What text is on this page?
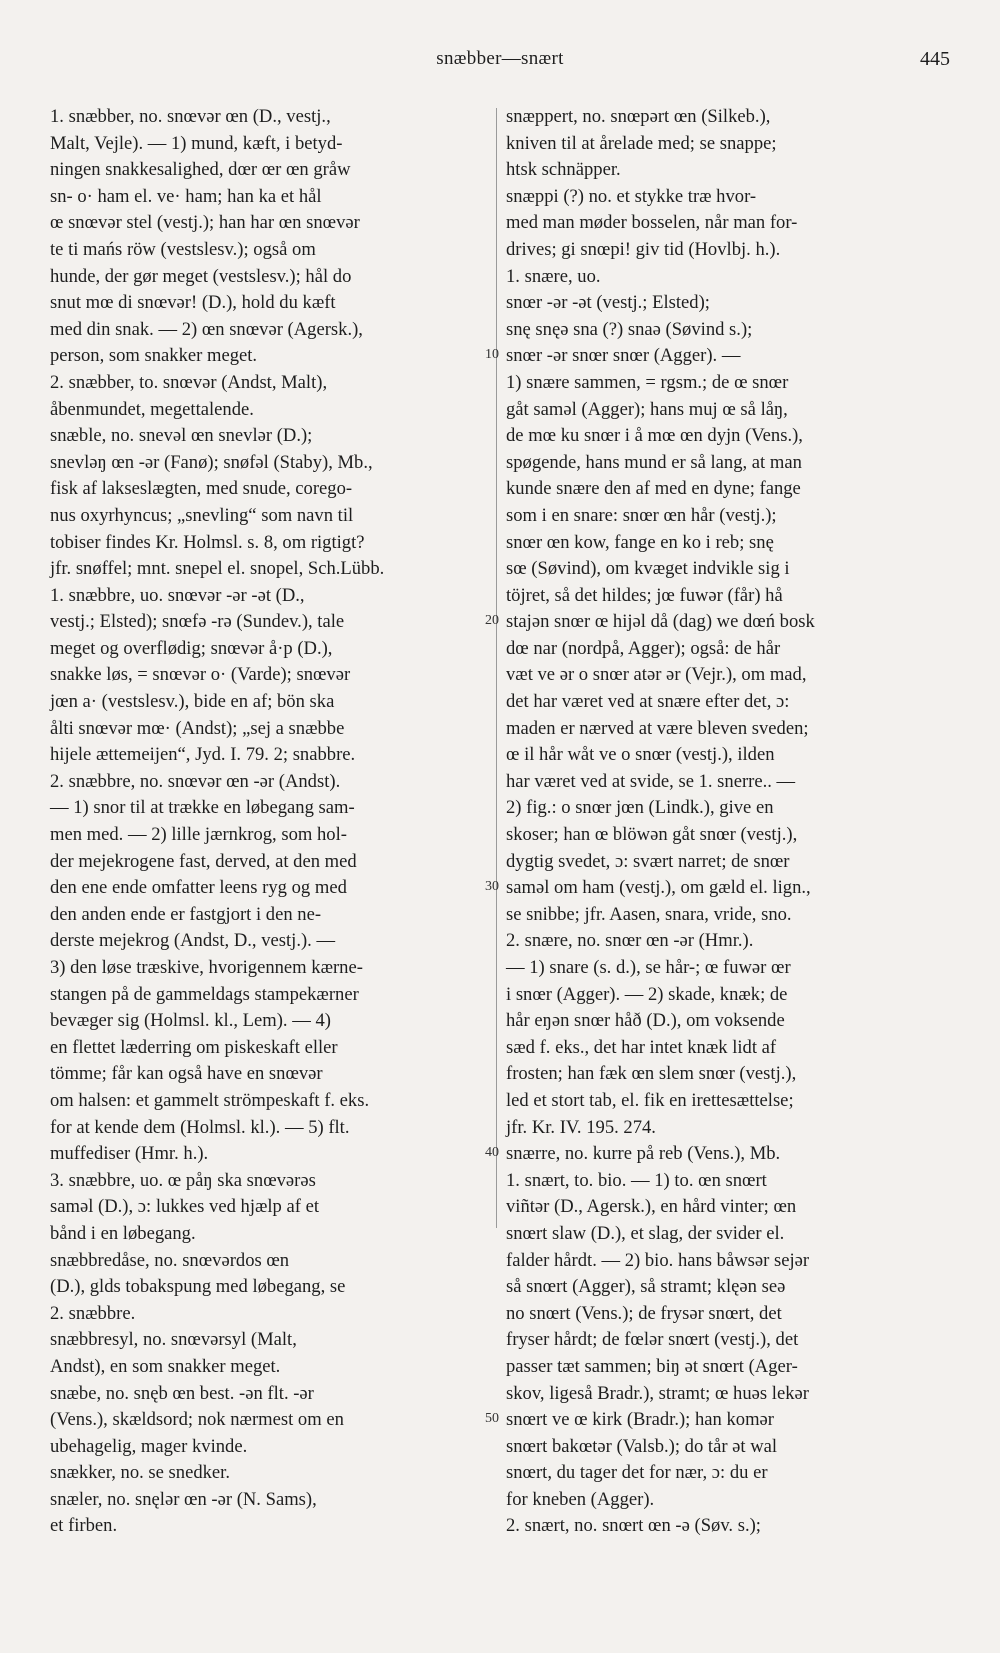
snæbber—snært	445
1. snæbber, no. snœvər œn (D., vestj.,
Malt, Vejle). — 1) mund, kæft, i betyd-
ningen snakkesalighed, dœr œr œn gråw
sn- o· ham el. ve· ham; han ka et hål
œ snœvər stel (vestj.); han har œn snœvər
te ti mańs röw (vestslesv.); også om
hunde, der gør meget (vestslesv.); hål do
snut mœ di snœvər! (D.), hold du kæft
med din snak. — 2) œn snœvər (Agersk.),
person, som snakker meget.
2. snæbber, to. snœvər (Andst, Malt),
åbenmundet, megettalende.
snæble, no. snevəl œn snevlər (D.);
snevləŋ œn -ər (Fanø); snøfəl (Staby), Mb.,
fisk af lakseslægten, med snude, corego-
nus oxyrhyncus; „snevling“ som navn til
tobiser findes Kr. Holmsl. s. 8, om rigtigt?
jfr. snøffel; mnt. snepel el. snopel, Sch.Lübb.
1. snæbbre, uo. snœvər -ər -ət (D.,
vestj.; Elsted); snœfə -rə (Sundev.), tale
meget og overflødig; snœvər å·p (D.),
snakke løs, = snœvər o· (Varde); snœvər
jœn a· (vestslesv.), bide en af; bön ska
ålti snœvər mœ· (Andst); „sej a snæbbe
hijele ættemeijen“, Jyd. I. 79. 2; snabbre.
2. snæbbre, no. snœvər œn -ər (Andst).
— 1) snor til at trække en løbegang sam-
men med. — 2) lille jærnkrog, som hol-
der mejekrogene fast, derved, at den med
den ene ende omfatter leens ryg og med
den anden ende er fastgjort i den ne-
derste mejekrog (Andst, D., vestj.). —
3) den løse træskive, hvorigennem kærne-
stangen på de gammeldags stampekærner
bevæger sig (Holmsl. kl., Lem). — 4)
en flettet læderring om piskeskaft eller
tömme; får kan også have en snœvər
om halsen: et gammelt strömpeskaft f. eks.
for at kende dem (Holmsl. kl.). — 5) flt.
muffediser (Hmr. h.).
3. snæbbre, uo. œ påŋ ska snœvərəs
saməl (D.), ɔ: lukkes ved hjælp af et
bånd i en løbegang.
snæbbredåse, no. snœvərdos œn
(D.), glds tobakspung med løbegang, se
2. snæbbre.
snæbbresyl, no. snœvərsyl (Malt,
Andst), en som snakker meget.
snæbe, no. snęb œn best. -ən flt. -ər
(Vens.), skældsord; nok nærmest om en
ubehagelig, mager kvinde.
snækker, no. se snedker.
snæler, no. snęlər œn -ər (N. Sams),
et firben.
snæppert, no. snœpərt œn (Silkeb.),
kniven til at årelade med; se snappe;
htsk schnäpper.
snæppi (?) no. et stykke træ hvor-
med man møder bosselen, når man for-
drives; gi snœpi! giv tid (Hovlbj. h.).
1. snære, uo.
snœr -ər -ət (vestj.; Elsted);
snę snęə sna (?) snaə (Søvind s.);
snœr -ər snœr snœr (Agger). —
1) snære sammen, = rgsm.; de œ snœr
gåt saməl (Agger); hans muj œ så låŋ,
de mœ ku snœr i å mœ œn dyjn (Vens.),
spøgende, hans mund er så lang, at man
kunde snære den af med en dyne; fange
som i en snare: snœr œn hår (vestj.);
snœr œn kow, fange en ko i reb; snę
sœ (Søvind), om kvæget indvikle sig i
töjret, så det hildes; jœ fuwər (får) hå
stajən snœr œ hijəl då (dag) we dœń bosk
dœ nar (nordpå, Agger); også: de hår
væt ve ər o snœr atər ər (Vejr.), om mad,
det har været ved at snære efter det, ɔ:
maden er nærved at være bleven sveden;
œ il hår wåt ve o snœr (vestj.), ilden
har været ved at svide, se 1. snerre.. —
2) fig.: o snœr jœn (Lindk.), give en
skoser; han œ blöwən gåt snœr (vestj.),
dygtig svedet, ɔ: svært narret; de snœr
saməl om ham (vestj.), om gæld el. lign.,
se snibbe; jfr. Aasen, snara, vride, sno.
2. snære, no. snœr œn -ər (Hmr.).
— 1) snare (s. d.), se hår-; œ fuwər œr
i snœr (Agger). — 2) skade, knæk; de
hår eŋən snœr håð (D.), om voksende
sæd f. eks., det har intet knæk lidt af
frosten; han fæk œn slem snœr (vestj.),
led et stort tab, el. fik en irettesættelse;
jfr. Kr. IV. 195. 274.
snærre, no. kurre på reb (Vens.), Mb.
1. snært, to. bio. — 1) to. œn snœrt
viñtər (D., Agersk.), en hård vinter; œn
snœrt slaw (D.), et slag, der svider el.
falder hårdt. — 2) bio. hans båwsər sejər
så snœrt (Agger), så stramt; klęən seə
no snœrt (Vens.); de frysər snœrt, det
fryser hårdt; de fœlər snœrt (vestj.), det
passer tæt sammen; biŋ ət snœrt (Ager-
skov, ligeså Bradr.), stramt; œ huəs lekər
snœrt ve œ kirk (Bradr.); han komər
snœrt bakœtər (Valsb.); do tår ət wal
snœrt, du tager det for nær, ɔ: du er
for kneben (Agger).
2. snært, no. snœrt œn -ə (Søv. s.);
10
20
30
40
50
